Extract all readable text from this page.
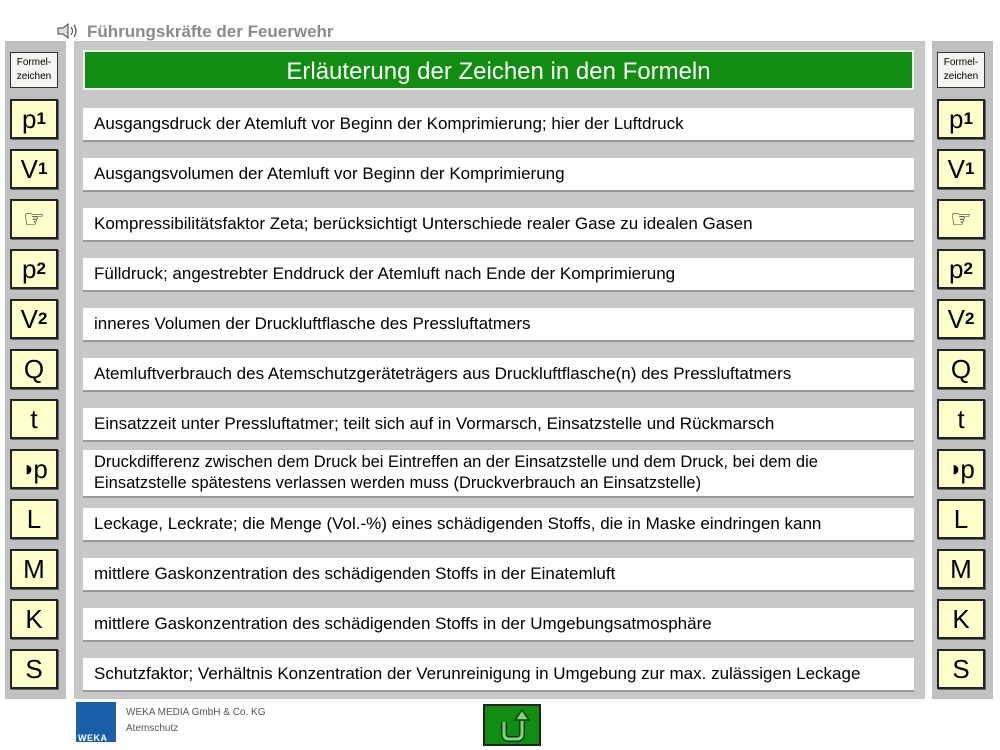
Führungskräfte der Feuerwehr
Formel-
zeichen
p 1
V 1
☞
p 2
V 2
Q
t
◑ p
L
M
K
S
Formel-
zeichen
p 1
V 1
☞
p 2
V 2
Q
t
◑ p
L
M
K
S
Erläuterung der Zeichen in den Formeln
Ausgangsdruck der Atemluft vor Beginn der Komprimierung; hier der Luftdruck
Ausgangsvolumen der Atemluft vor Beginn der Komprimierung
Kompressibilitätsfaktor Zeta; berücksichtigt Unterschiede realer Gase zu idealen Gasen
Fülldruck; angestrebter Enddruck der Atemluft nach Ende der Komprimierung
inneres Volumen der Druckluftflasche des Pressluftatmers
Atemluftverbrauch des Atemschutzgeräteträgers aus Druckluftflasche(n) des Pressluftatmers
Einsatzzeit unter Pressluftatmer; teilt sich auf in Vormarsch, Einsatzstelle und Rückmarsch
Druckdifferenz zwischen dem Druck bei Eintreffen an der Einsatzstelle und dem Druck, bei dem die Einsatzstelle spätestens verlassen werden muss (Druckverbrauch an Einsatzstelle)
Leckage, Leckrate; die Menge (Vol.-%) eines schädigenden Stoffs, die in Maske eindringen kann
mittlere Gaskonzentration des schädigenden Stoffs in der Einatemluft
mittlere Gaskonzentration des schädigenden Stoffs in der Umgebungsatmosphäre
Schutzfaktor; Verhältnis Konzentration der Verunreinigung in Umgebung zur max. zulässigen Leckage
WEKA
WEKA MEDIA GmbH & Co. KG
Atemschutz
